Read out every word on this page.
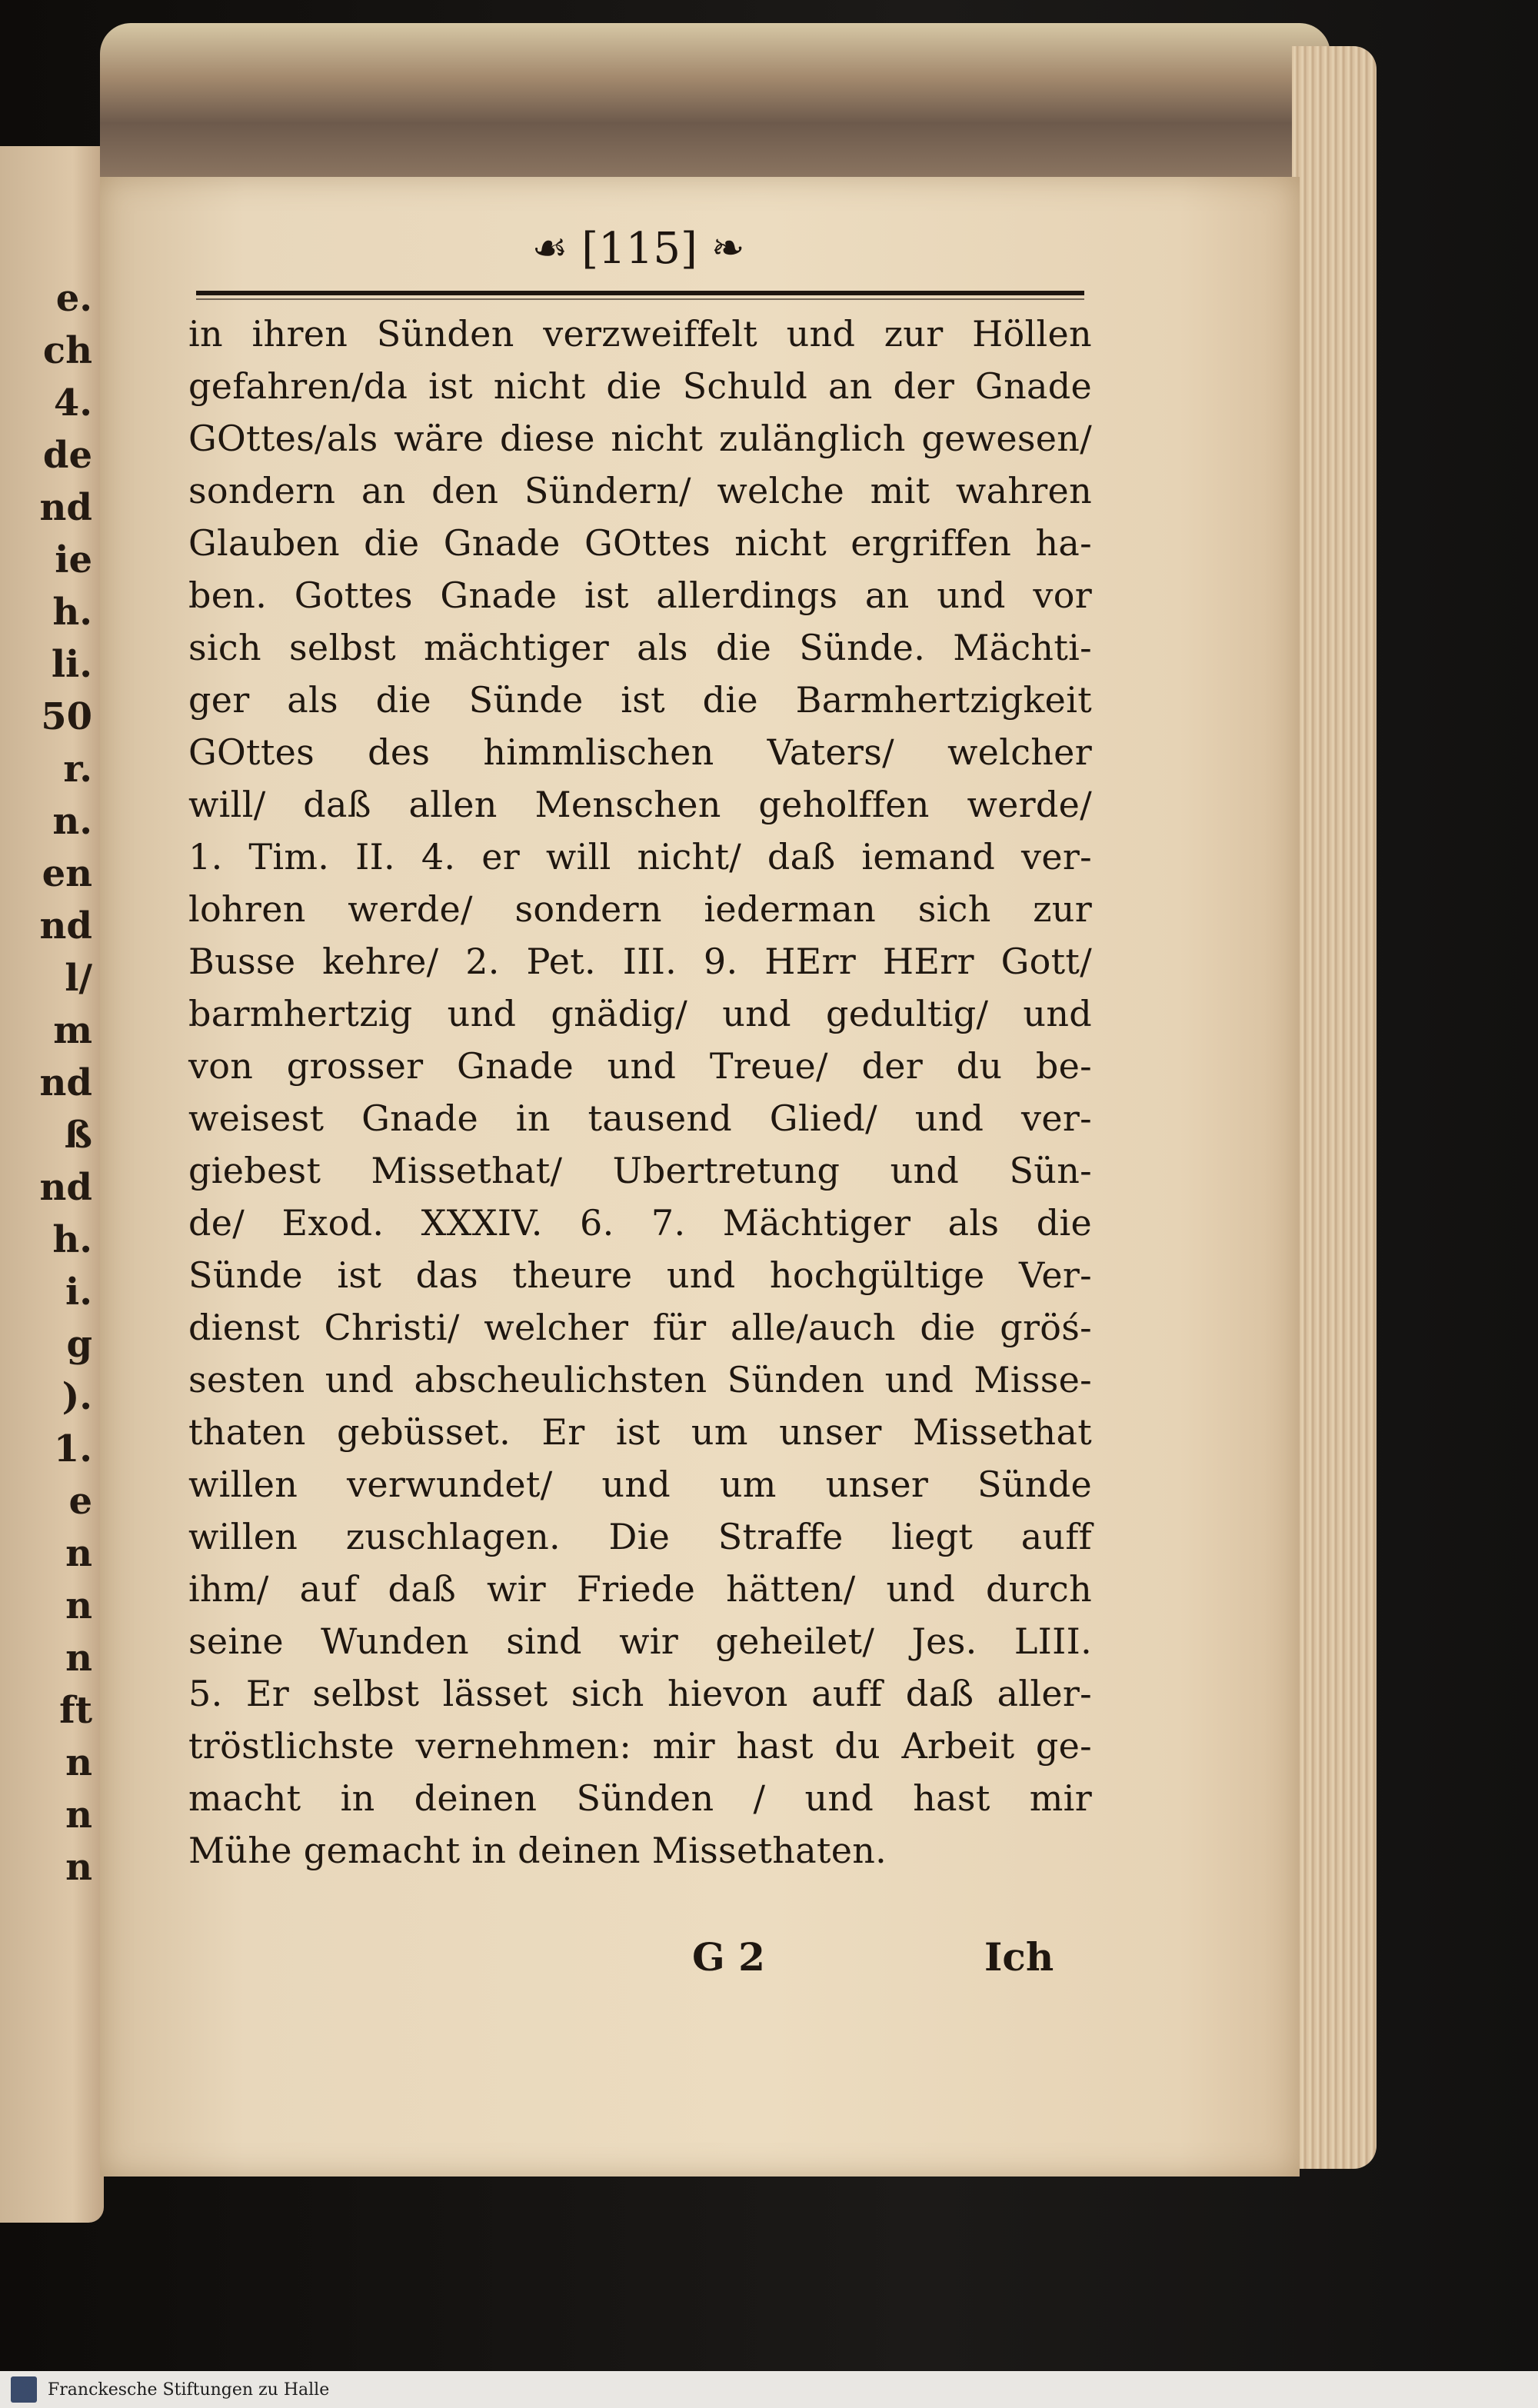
e.
ch
4.
de
nd
ie
h.
li.
50
r.
n.
en
nd
l/
m
nd
ß
nd
h.
i.
g
).
1.
e
n
n
n
ft
n
n
n
☙ [115] ❧
in ihren Sünden verzweiffelt und zur Höllen
gefahren/da ist nicht die Schuld an der Gnade
GOttes/als wäre diese nicht zulänglich gewesen/
sondern an den Sündern/ welche mit wahren
Glauben die Gnade GOttes nicht ergriffen ha-
ben. Gottes Gnade ist allerdings an und vor
sich selbst mächtiger als die Sünde. Mächti-
ger als die Sünde ist die Barmhertzigkeit
GOttes des himmlischen Vaters/ welcher
will/ daß allen Menschen geholffen werde/
1. Tim. II. 4. er will nicht/ daß iemand ver-
lohren werde/ sondern iederman sich zur
Busse kehre/ 2. Pet. III. 9. HErr HErr Gott/
barmhertzig und gnädig/ und gedultig/ und
von grosser Gnade und Treue/ der du be-
weisest Gnade in tausend Glied/ und ver-
giebest Missethat/ Ubertretung und Sün-
de/ Exod. XXXIV. 6. 7. Mächtiger als die
Sünde ist das theure und hochgültige Ver-
dienst Christi/ welcher für alle/auch die gröś-
sesten und abscheulichsten Sünden und Misse-
thaten gebüsset. Er ist um unser Missethat
willen verwundet/ und um unser Sünde
willen zuschlagen. Die Straffe liegt auff
ihm/ auf daß wir Friede hätten/ und durch
seine Wunden sind wir geheilet/ Jes. LIII.
5. Er selbst lässet sich hievon auff daß aller-
tröstlichste vernehmen: mir hast du Arbeit ge-
macht in deinen Sünden / und hast mir
Mühe gemacht in deinen Missethaten.
G 2	Ich
Franckesche Stiftungen zu Halle
